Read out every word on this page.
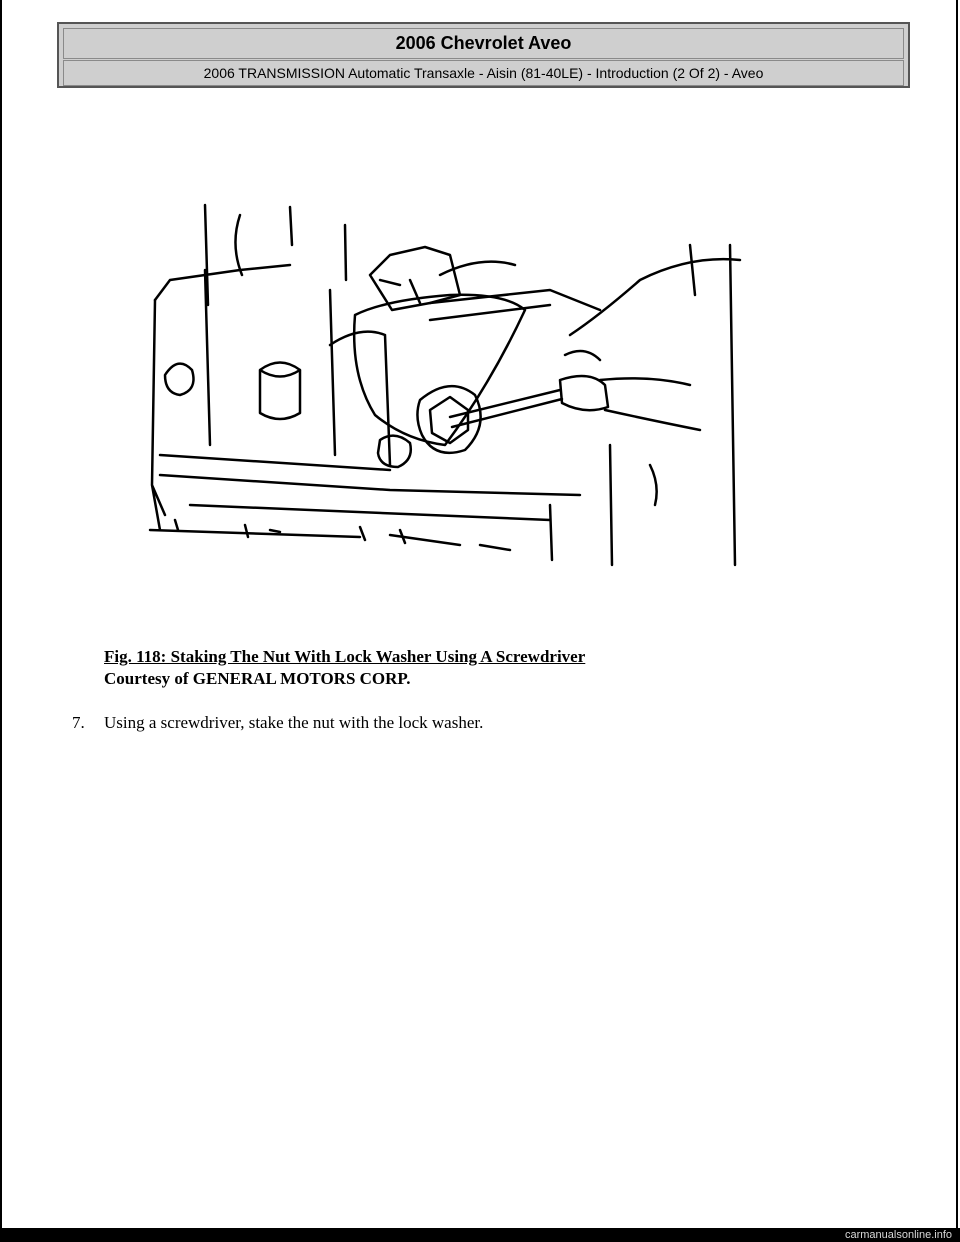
2006 Chevrolet Aveo
2006 TRANSMISSION Automatic Transaxle - Aisin (81-40LE) - Introduction (2 Of 2) - Aveo
Fig. 118: Staking The Nut With Lock Washer Using A Screwdriver
Courtesy of GENERAL MOTORS CORP.
7. Using a screwdriver, stake the nut with the lock washer.
carmanualsonline.info
